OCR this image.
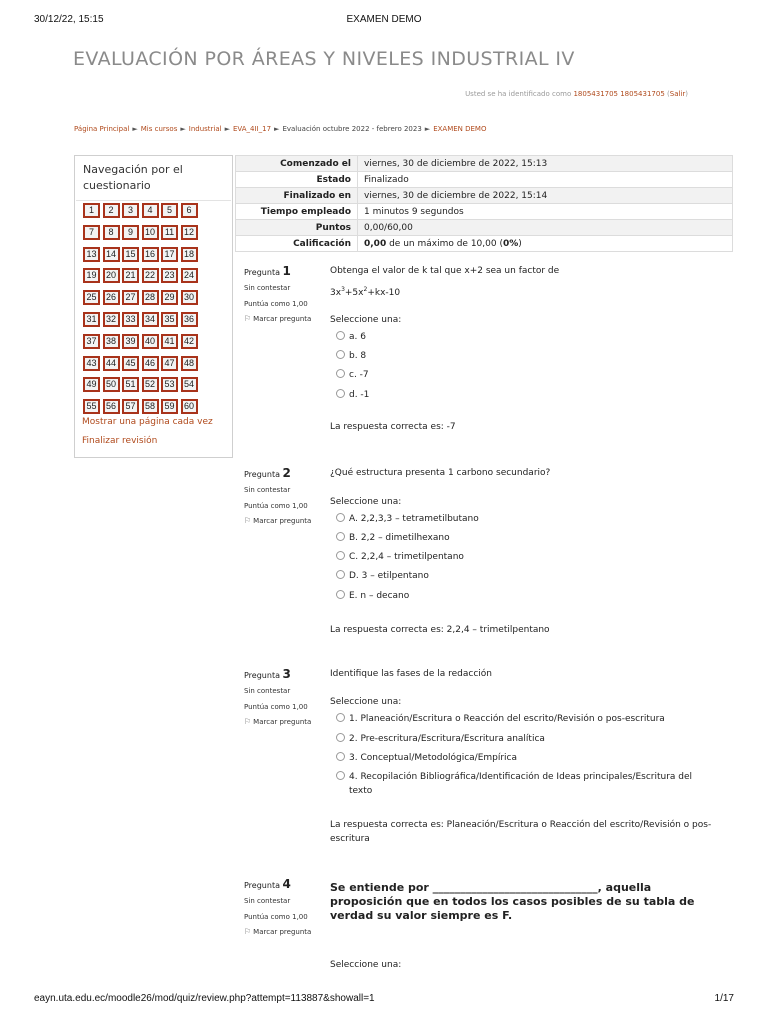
30/12/22, 15:15	EXAMEN DEMO
EVALUACIÓN POR ÁREAS Y NIVELES INDUSTRIAL IV
Usted se ha identificado como 1805431705 1805431705 (Salir)
Página Principal ► Mis cursos ► Industrial ► EVA_4II_17 ► Evaluación octubre 2022 - febrero 2023 ► EXAMEN DEMO
Navegación por el cuestionario
1	2	3	4	5	6
7	8	9	10	11	12
13	14	15	16	17	18
19	20	21	22	23	24
25	26	27	28	29	30
31	32	33	34	35	36
37	38	39	40	41	42
43	44	45	46	47	48
49	50	51	52	53	54
55	56	57	58	59	60
Mostrar una página cada vez
Finalizar revisión
Comenzado el	viernes, 30 de diciembre de 2022, 15:13
Estado	Finalizado
Finalizado en	viernes, 30 de diciembre de 2022, 15:14
Tiempo empleado	1 minutos 9 segundos
Puntos	0,00/60,00
Calificación	0,00 de un máximo de 10,00 (0%)
Pregunta 1
Sin contestar
Puntúa como 1,00
⚐ Marcar pregunta
Obtenga el valor de k tal que x+2 sea un factor de
$3x^3+5x^2+kx-10$
Seleccione una:
a. 6
b. 8
c. -7
d. -1
La respuesta correcta es: -7
Pregunta 2
Sin contestar
Puntúa como 1,00
⚐ Marcar pregunta
¿Qué estructura presenta 1 carbono secundario?
Seleccione una:
A. 2,2,3,3 – tetrametilbutano
B. 2,2 – dimetilhexano
C. 2,2,4 – trimetilpentano
D. 3 – etilpentano
E. n – decano
La respuesta correcta es: 2,2,4 – trimetilpentano
Pregunta 3
Sin contestar
Puntúa como 1,00
⚐ Marcar pregunta
Identifique las fases de la redacción
Seleccione una:
1. Planeación/Escritura o Reacción del escrito/Revisión o pos-escritura
2. Pre-escritura/Escritura/Escritura analítica
3. Conceptual/Metodológica/Empírica
4. Recopilación Bibliográfica/Identificación de Ideas principales/Escritura del
texto
La respuesta correcta es: Planeación/Escritura o Reacción del escrito/Revisión o pos-escritura
Pregunta 4
Sin contestar
Puntúa como 1,00
⚐ Marcar pregunta
Se entiende por ______________________________, aquella proposición que en todos los casos posibles de su tabla de verdad su valor siempre es F.
Seleccione una:
eayn.uta.edu.ec/moodle26/mod/quiz/review.php?attempt=113887&showall=1	1/17
